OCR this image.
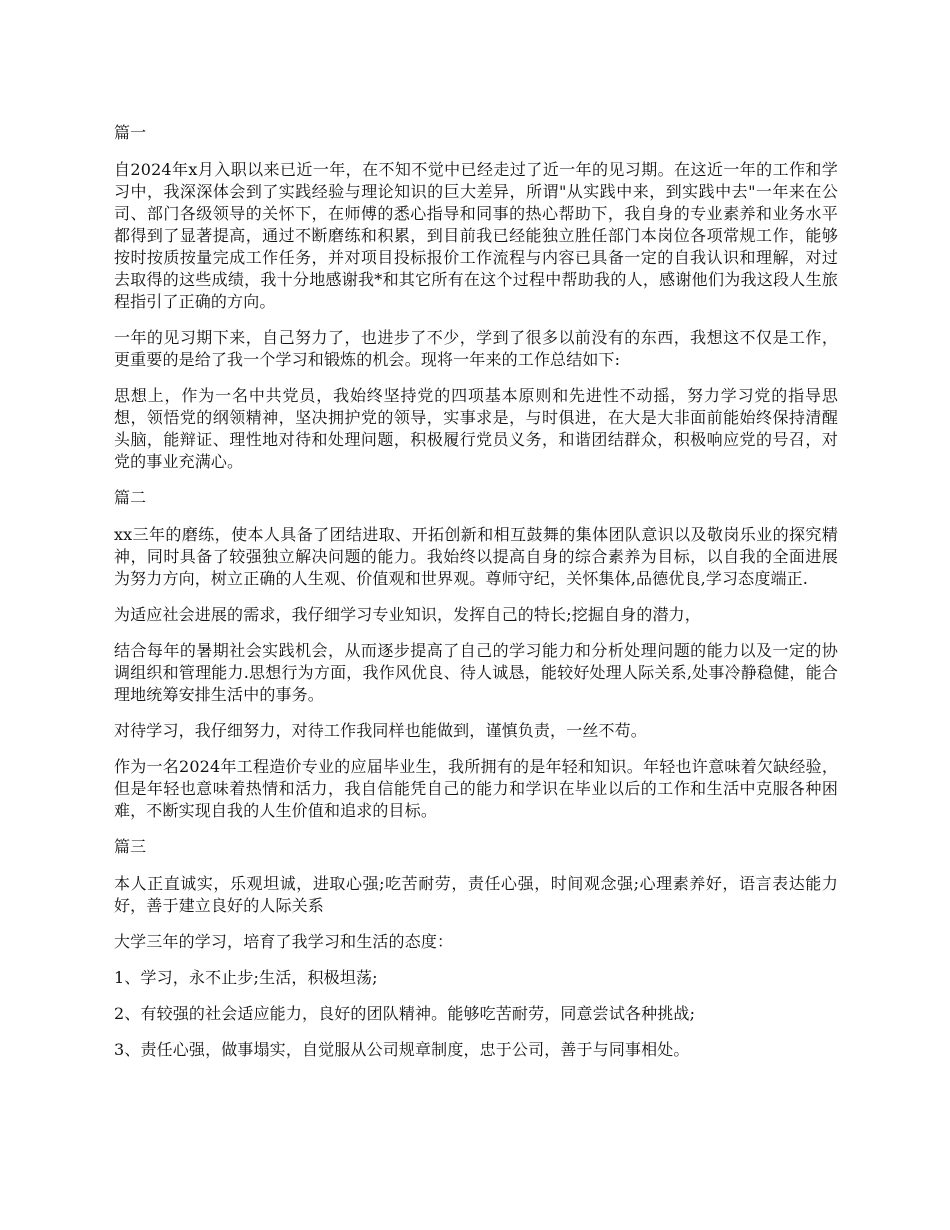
篇一

自2024年x月入职以来已近一年，在不知不觉中已经走过了近一年的见习期。在这近一年的工作和学习中，我深深体会到了实践经验与理论知识的巨大差异，所谓"从实践中来，到实践中去"一年来在公司、部门各级领导的关怀下，在师傅的悉心指导和同事的热心帮助下，我自身的专业素养和业务水平都得到了显著提高，通过不断磨练和积累，到目前我已经能独立胜任部门本岗位各项常规工作，能够按时按质按量完成工作任务，并对项目投标报价工作流程与内容已具备一定的自我认识和理解，对过去取得的这些成绩，我十分地感谢我*和其它所有在这个过程中帮助我的人，感谢他们为我这段人生旅程指引了正确的方向。

一年的见习期下来，自己努力了，也进步了不少，学到了很多以前没有的东西，我想这不仅是工作，更重要的是给了我一个学习和锻炼的机会。现将一年来的工作总结如下:

思想上，作为一名中共党员，我始终坚持党的四项基本原则和先进性不动摇，努力学习党的指导思想，领悟党的纲领精神，坚决拥护党的领导，实事求是，与时俱进，在大是大非面前能始终保持清醒头脑，能辩证、理性地对待和处理问题，积极履行党员义务，和谐团结群众，积极响应党的号召，对党的事业充满心。

篇二

xx三年的磨练，使本人具备了团结进取、开拓创新和相互鼓舞的集体团队意识以及敬岗乐业的探究精神，同时具备了较强独立解决问题的能力。我始终以提高自身的综合素养为目标，以自我的全面进展为努力方向，树立正确的人生观、价值观和世界观。尊师守纪，关怀集体,品德优良,学习态度端正.

为适应社会进展的需求，我仔细学习专业知识，发挥自己的特长;挖掘自身的潜力，

结合每年的暑期社会实践机会，从而逐步提高了自己的学习能力和分析处理问题的能力以及一定的协调组织和管理能力.思想行为方面，我作风优良、待人诚恳，能较好处理人际关系,处事冷静稳健，能合理地统筹安排生活中的事务。

对待学习，我仔细努力，对待工作我同样也能做到，谨慎负责，一丝不苟。

作为一名2024年工程造价专业的应届毕业生，我所拥有的是年轻和知识。年轻也许意味着欠缺经验，但是年轻也意味着热情和活力，我自信能凭自己的能力和学识在毕业以后的工作和生活中克服各种困难，不断实现自我的人生价值和追求的目标。

篇三

本人正直诚实，乐观坦诚，进取心强;吃苦耐劳，责任心强，时间观念强;心理素养好，语言表达能力好，善于建立良好的人际关系

大学三年的学习，培育了我学习和生活的态度：

1、学习，永不止步;生活，积极坦荡;

2、有较强的社会适应能力，良好的团队精神。能够吃苦耐劳，同意尝试各种挑战;

3、责任心强，做事塌实，自觉服从公司规章制度，忠于公司，善于与同事相处。
